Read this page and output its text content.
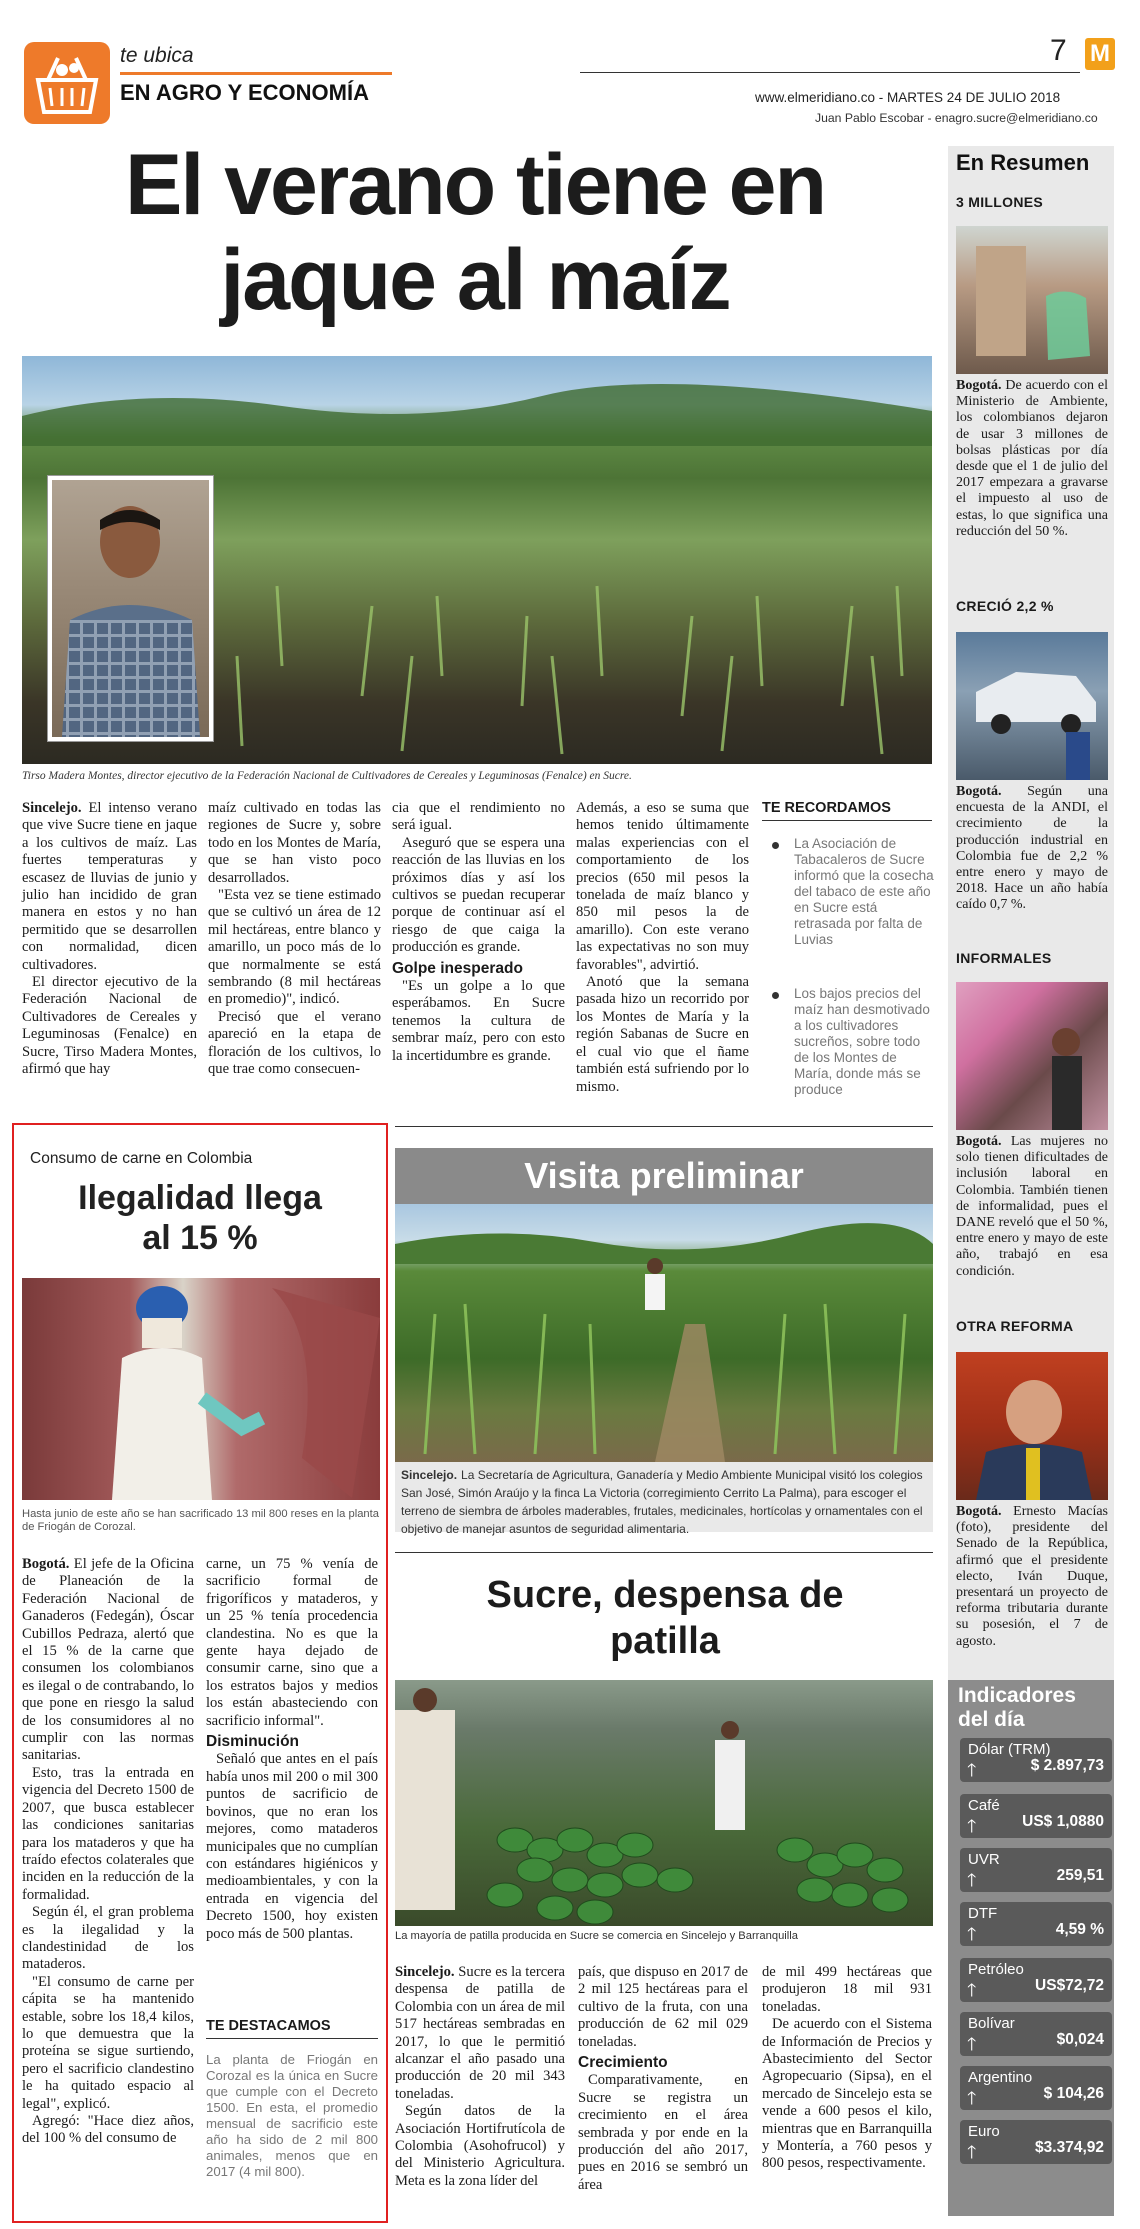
te ubica
EN AGRO Y ECONOMÍA
7 M
www.elmeridiano.co - MARTES 24 DE JULIO 2018
Juan Pablo Escobar - enagro.sucre@elmeridiano.co
El verano tiene en jaque al maíz
Tirso Madera Montes, director ejecutivo de la Federación Nacional de Cultivadores de Cereales y Leguminosas (Fenalce) en Sucre.

Sincelejo. El intenso verano que vive Sucre tiene en jaque a los cultivos de maíz. Las fuertes temperaturas y escasez de lluvias de junio y julio han incidido de gran manera en estos y no han permitido que se desarrollen con normalidad, dicen cultivadores.

El director ejecutivo de la Federación Nacional de Cultivadores de Cereales y Leguminosas (Fenalce) en Sucre, Tirso Madera Montes, afirmó que hay

maíz cultivado en todas las regiones de Sucre y, sobre todo en los Montes de María, que se han visto poco desarrollados.

"Esta vez se tiene estimado que se cultivó un área de 12 mil hectáreas, entre blanco y amarillo, un poco más de lo que normalmente se está sembrando (8 mil hectáreas en promedio)", indicó.

Precisó que el verano apareció en la etapa de floración de los cultivos, lo que trae como consecuen-

cia que el rendimiento no será igual.

Aseguró que se espera una reacción de las lluvias en los próximos días y así los cultivos se puedan recuperar porque de continuar así el riesgo de que caiga la producción es grande.

Golpe inesperado

"Es un golpe a lo que esperábamos. En Sucre tenemos la cultura de sembrar maíz, pero con esto la incertidumbre es grande.

Además, a eso se suma que hemos tenido últimamente malas experiencias con el comportamiento de los precios (650 mil pesos la tonelada de maíz blanco y 850 mil pesos la de amarillo). Con este verano las expectativas no son muy favorables", advirtió.

Anotó que la semana pasada hizo un recorrido por los Montes de María y la región Sabanas de Sucre en el cual vio que el ñame también está sufriendo por lo mismo.

TE RECORDAMOS
La Asociación de Tabacaleros de Sucre informó que la cosecha del tabaco de este año en Sucre está retrasada por falta de Luvias
Los bajos precios del maíz han desmotivado a los cultivadores sucreños, sobre todo de los Montes de María, donde más se produce
Consumo de carne en Colombia
Ilegalidad llega al 15 %
Hasta junio de este año se han sacrificado 13 mil 800 reses en la planta de Friogán de Corozal.

Bogotá. El jefe de la Oficina de Planeación de la Federación Nacional de Ganaderos (Fedegán), Óscar Cubillos Pedraza, alertó que el 15 % de la carne que consumen los colombianos es ilegal o de contrabando, lo que pone en riesgo la salud de los consumidores al no cumplir con las normas sanitarias.

Esto, tras la entrada en vigencia del Decreto 1500 de 2007, que busca establecer las condiciones sanitarias para los mataderos y que ha traído efectos colaterales que inciden en la reducción de la formalidad.

Según él, el gran problema es la ilegalidad y la clandestinidad de los mataderos.

"El consumo de carne per cápita se ha mantenido estable, sobre los 18,4 kilos, lo que demuestra que la proteína se sigue surtiendo, pero el sacrificio clandestino le ha quitado espacio al legal", explicó.

Agregó: "Hace diez años, del 100 % del consumo de

carne, un 75 % venía de sacrificio formal de frigoríficos y mataderos, y un 25 % tenía procedencia clandestina. No es que la gente haya dejado de consumir carne, sino que a los estratos bajos y medios los están abasteciendo con sacrificio informal".

Disminución

Señaló que antes en el país había unos mil 200 o mil 300 puntos de sacrificio de bovinos, que no eran los mejores, como mataderos municipales que no cumplían con estándares higiénicos y medioambientales, y con la entrada en vigencia del Decreto 1500, hoy existen poco más de 500 plantas.

TE DESTACAMOS
La planta de Friogán en Corozal es la única en Sucre que cumple con el Decreto 1500. En esta, el promedio mensual de sacrificio este año ha sido de 2 mil 800 animales, menos que en 2017 (4 mil 800).
Visita preliminar
Sincelejo. La Secretaría de Agricultura, Ganadería y Medio Ambiente Municipal visitó los colegios San José, Simón Araújo y la finca La Victoria (corregimiento Cerrito La Palma), para escoger el terreno de siembra de árboles maderables, frutales, medicinales, hortícolas y ornamentales con el objetivo de manejar asuntos de seguridad alimentaria.
Sucre, despensa de patilla
La mayoría de patilla producida en Sucre se comercia en Sincelejo y Barranquilla

Sincelejo. Sucre es la tercera despensa de patilla de Colombia con un área de mil 517 hectáreas sembradas en 2017, lo que le permitió alcanzar el año pasado una producción de 20 mil 343 toneladas.

Según datos de la Asociación Hortifrutícola de Colombia (Asohofrucol) y del Ministerio Agricultura. Meta es la zona líder del

país, que dispuso en 2017 de 2 mil 125 hectáreas para el cultivo de la fruta, con una producción de 62 mil 029 toneladas.

Crecimiento

Comparativamente, en Sucre se registra un crecimiento en el área sembrada y por ende en la producción del año 2017, pues en 2016 se sembró un área

de mil 499 hectáreas que produjeron 18 mil 931 toneladas.

De acuerdo con el Sistema de Información de Precios y Abastecimiento del Sector Agropecuario (Sipsa), en el mercado de Sincelejo esta se vende a 600 pesos el kilo, mientras que en Barranquilla y Montería, a 760 pesos y 800 pesos, respectivamente.

En Resumen
3 MILLONES
Bogotá. De acuerdo con el Ministerio de Ambiente, los colombianos dejaron de usar 3 millones de bolsas plásticas por día desde que el 1 de julio del 2017 empezara a gravarse el impuesto al uso de estas, lo que significa una reducción del 50 %.
CRECIÓ 2,2 %
Bogotá. Según una encuesta de la ANDI, el crecimiento de la producción industrial en Colombia fue de 2,2 % entre enero y mayo de 2018. Hace un año había caído 0,7 %.
INFORMALES
Bogotá. Las mujeres no solo tienen dificultades de inclusión laboral en Colombia. También tienen de informalidad, pues el DANE reveló que el 50 %, entre enero y mayo de este año, trabajó en esa condición.
OTRA REFORMA
Bogotá. Ernesto Macías (foto), presidente del Senado de la República, afirmó que el presidente electo, Iván Duque, presentará un proyecto de reforma tributaria durante su posesión, el 7 de agosto.
Indicadores del día
Dólar (TRM)
🡑	$ 2.897,73
Café
🡑	US$ 1,0880
UVR
🡑	259,51
DTF
🡑	4,59 %
Petróleo
🡑	US$72,72
Bolívar
🡑	$0,024
Argentino
🡑	$ 104,26
Euro
🡑	$3.374,92
